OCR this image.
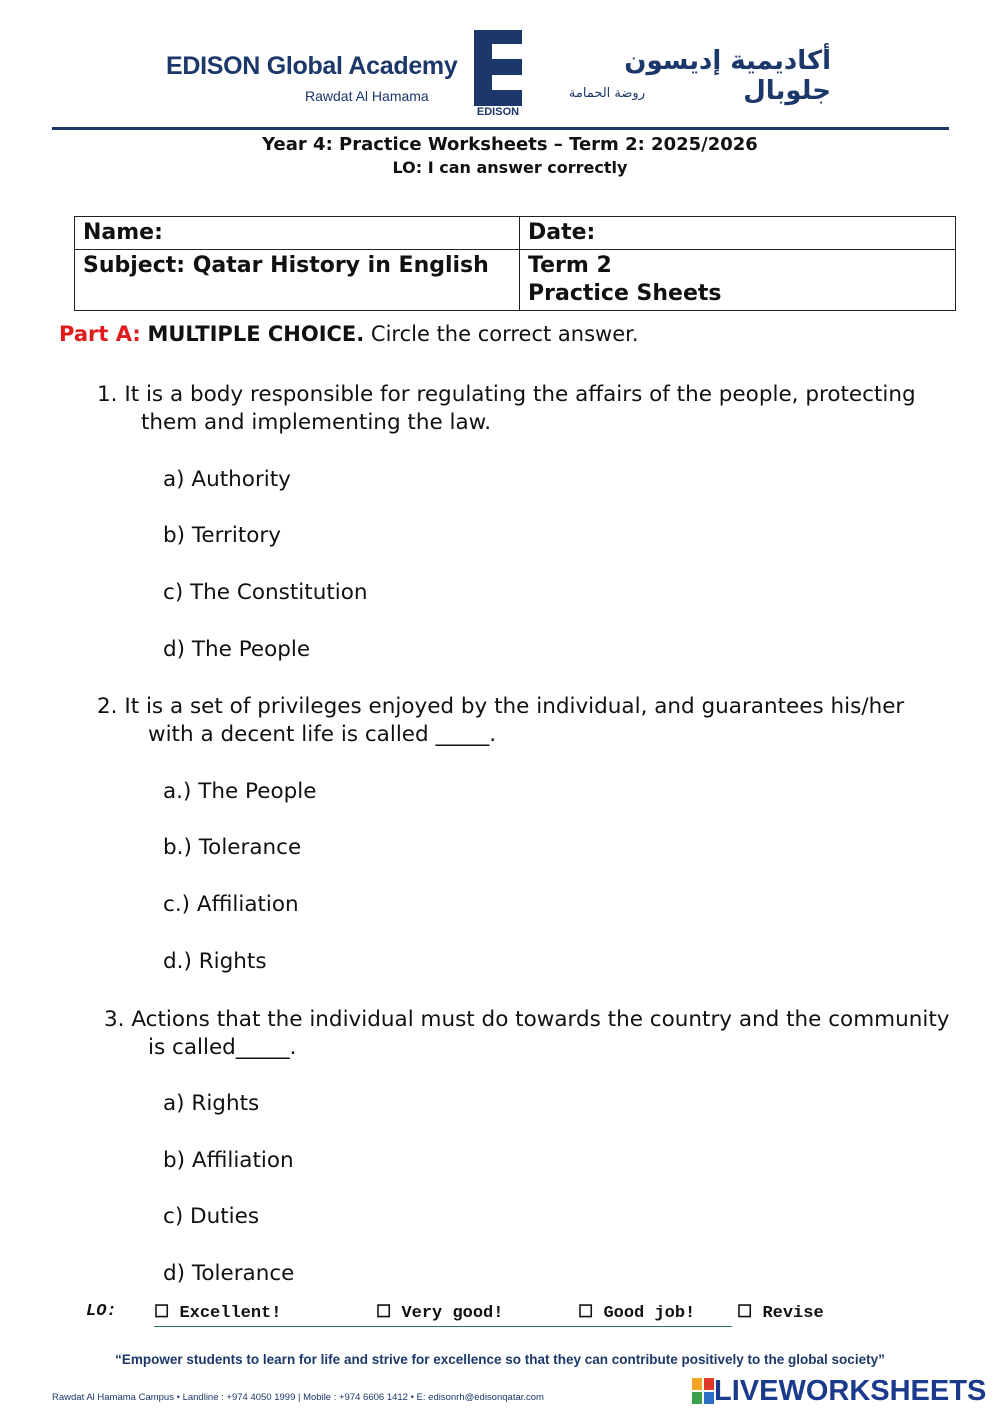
EDISON Global Academy
Rawdat Al Hamama
EDISON
أكاديمية إديسون جلوبال
روضة الحمامة
Year 4: Practice Worksheets – Term 2: 2025/2026
LO: I can answer correctly
Name:	Date:
Subject: Qatar History in English	Term 2
Practice Sheets
Part A: MULTIPLE CHOICE. Circle the correct answer.
1. It is a body responsible for regulating the affairs of the people, protecting
them and implementing the law.
a) Authority
b) Territory
c) The Constitution
d) The People
2. It is a set of privileges enjoyed by the individual, and guarantees his/her
with a decent life is called _____.
a.) The People
b.) Tolerance
c.) Affiliation
d.) Rights
3. Actions that the individual must do towards the country and the community
is called_____.
a) Rights
b) Affiliation
c) Duties
d) Tolerance
LO: ☐ Excellent!	☐ Very good!	☐ Good job! ☐ Revise
“Empower students to learn for life and strive for excellence so that they can contribute positively to the global society”
Rawdat Al Hamama Campus • Landline : +974 4050 1999 | Mobile : +974 6606 1412 • E: edisonrh@edisonqatar.com	LIVEWORKSHEETS
